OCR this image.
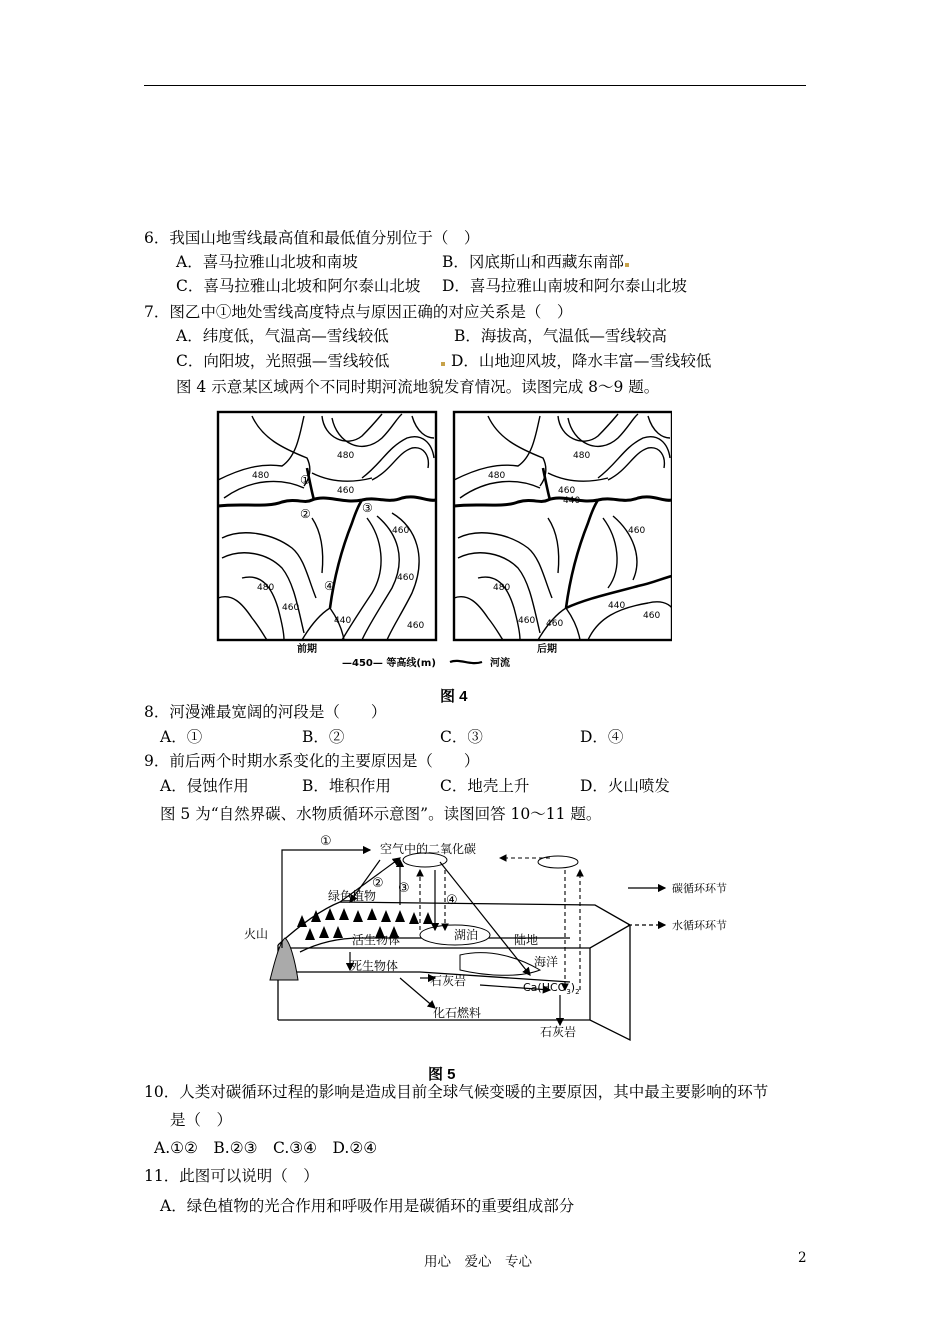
6．我国山地雪线最高值和最低值分别位于（　）
A．喜马拉雅山北坡和南坡	B．冈底斯山和西藏东南部
C．喜马拉雅山北坡和阿尔泰山北坡 D．喜马拉雅山南坡和阿尔泰山北坡
7．图乙中①地处雪线高度特点与原因正确的对应关系是（　）
A．纬度低，气温高—雪线较低	B．海拔高，气温低—雪线较高
C．向阳坡，光照强—雪线较低	D．山地迎风坡，降水丰富—雪线较低
图 4 示意某区域两个不同时期河流地貌发育情况。读图完成 8～9 题。
480
480
460
460
460
480
460
440	460
①
②	③
④
480
480
460
440
460
480
460 460
440
460
前期	后期
—450— 等高线(m)	河流
图 4
8．河漫滩最宽阔的河段是（　　）
A．①	B．②	C．③	D．④
9．前后两个时期水系变化的主要原因是（　　）
A．侵蚀作用	B．堆积作用	C．地壳上升	D．火山喷发
图 5 为“自然界碳、水物质循环示意图”。读图回答 10～11 题。
空气中的二氧化碳
绿色植物
火山	活生物体
死生物体
湖泊	陆地
海洋
石灰岩
化石燃料
$Ca(HCO_3)_2$
石灰岩
①
② ③
④
碳循环环节
水循环环节
图 5
10．人类对碳循环过程的影响是造成目前全球气候变暖的主要原因，其中最主要影响的环节
是（　）
A.①②　B.②③　C.③④　D.②④
11．此图可以说明（　）
A．绿色植物的光合作用和呼吸作用是碳循环的重要组成部分
用心　爱心　专心	2
